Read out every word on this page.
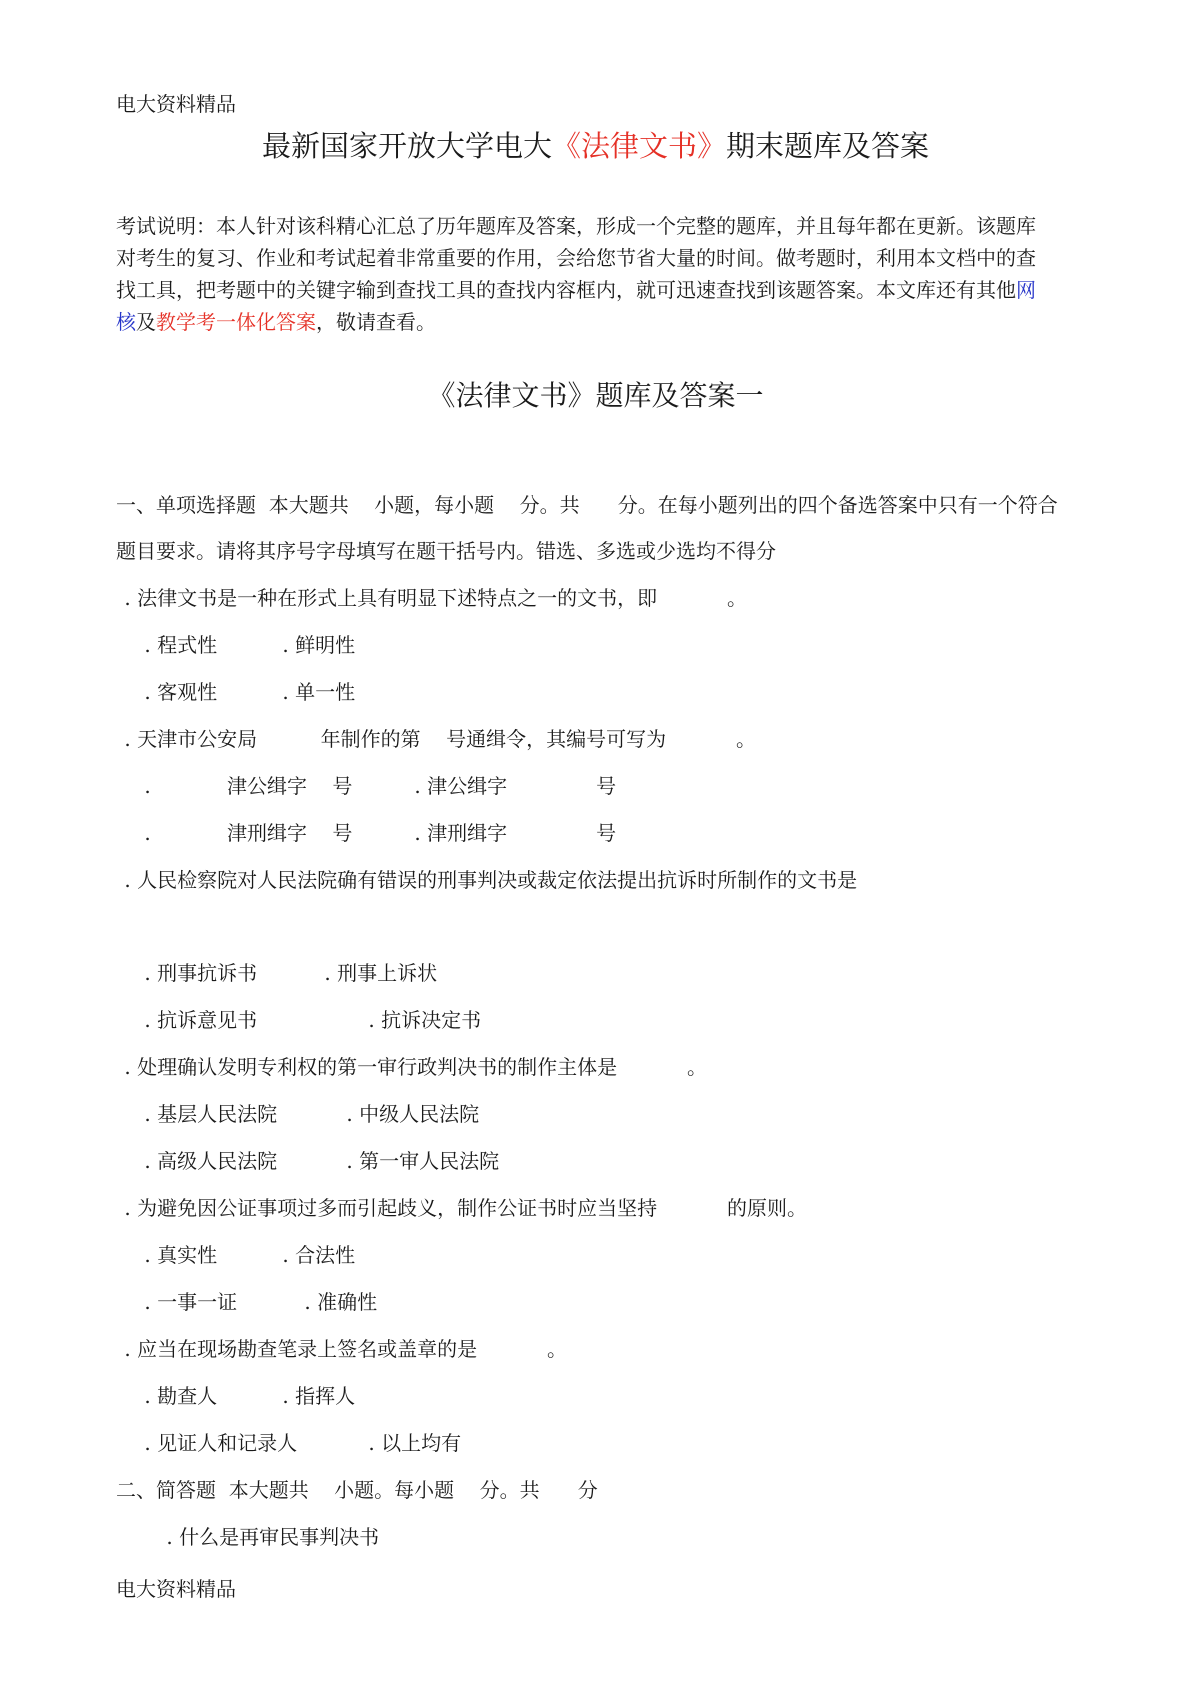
电大资料精品
最新国家开放大学电大《法律文书》期末题库及答案
考试说明：本人针对该科精心汇总了历年题库及答案，形成一个完整的题库，并且每年都在更新。该题库
对考生的复习、作业和考试起着非常重要的作用，会给您节省大量的时间。做考题时，利用本文档中的查
找工具，把考题中的关键字输到查找工具的查找内容框内，就可迅速查找到该题答案。本文库还有其他网
核及教学考一体化答案，敬请查看。
《法律文书》题库及答案一
一、单项选择题  本大题共    小题，每小题    分。共      分。在每小题列出的四个备选答案中只有一个符合
题目要求。请将其序号字母填写在题干括号内。错选、多选或少选均不得分
. 法律文书是一种在形式上具有明显下述特点之一的文书，即           。
. 程式性	. 鲜明性
. 客观性	. 单一性
. 天津市公安局          年制作的第    号通缉令，其编号可写为           。
.            津公缉字    号	. 津公缉字              号
.            津刑缉字    号	. 津刑缉字              号
. 人民检察院对人民法院确有错误的刑事判决或裁定依法提出抗诉时所制作的文书是
. 刑事抗诉书	. 刑事上诉状
. 抗诉意见书	. 抗诉决定书
. 处理确认发明专利权的第一审行政判决书的制作主体是           。
. 基层人民法院	. 中级人民法院
. 高级人民法院	. 第一审人民法院
. 为避免因公证事项过多而引起歧义，制作公证书时应当坚持           的原则。
. 真实性	. 合法性
. 一事一证	. 准确性
. 应当在现场勘查笔录上签名或盖章的是           。
. 勘查人	. 指挥人
. 见证人和记录人	. 以上均有
二、简答题  本大题共    小题。每小题    分。共      分
. 什么是再审民事判决书
电大资料精品
